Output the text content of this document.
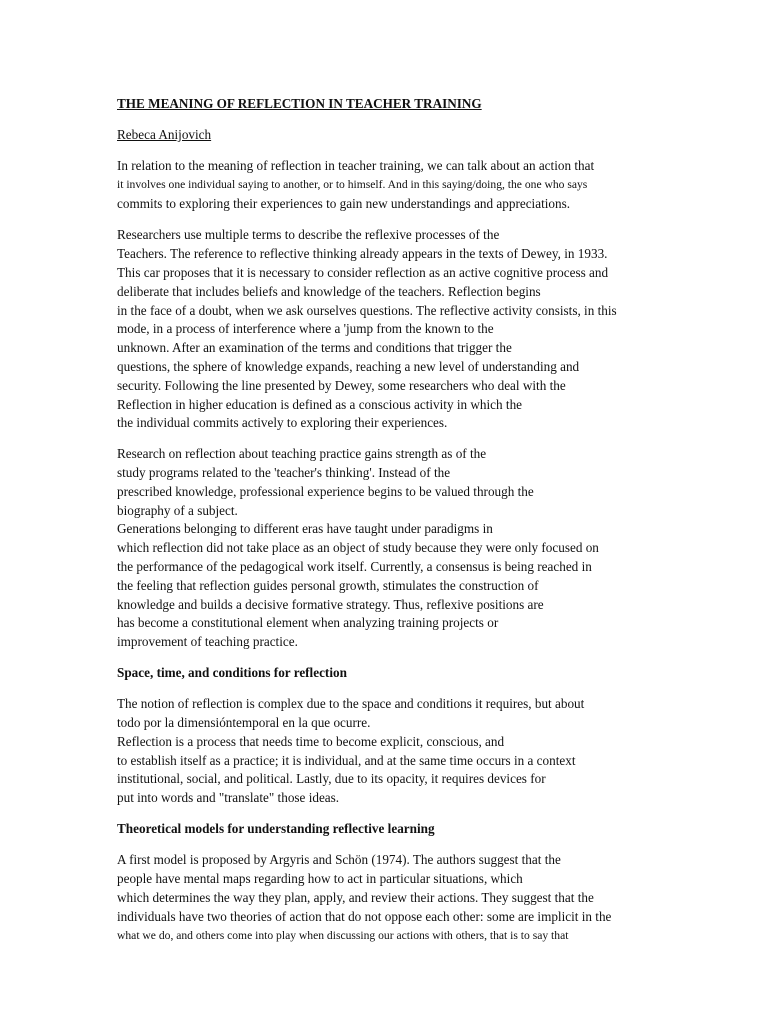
THE MEANING OF REFLECTION IN TEACHER TRAINING

Rebeca Anijovich

In relation to the meaning of reflection in teacher training, we can talk about an action that

it involves one individual saying to another, or to himself. And in this saying/doing, the one who says

commits to exploring their experiences to gain new understandings and appreciations.

Researchers use multiple terms to describe the reflexive processes of the

Teachers. The reference to reflective thinking already appears in the texts of Dewey, in 1933.

This car proposes that it is necessary to consider reflection as an active cognitive process and

deliberate that includes beliefs and knowledge of the teachers. Reflection begins

in the face of a doubt, when we ask ourselves questions. The reflective activity consists, in this

mode, in a process of interference where a 'jump from the known to the

unknown. After an examination of the terms and conditions that trigger the

questions, the sphere of knowledge expands, reaching a new level of understanding and

security. Following the line presented by Dewey, some researchers who deal with the

Reflection in higher education is defined as a conscious activity in which the

the individual commits actively to exploring their experiences.

Research on reflection about teaching practice gains strength as of the

study programs related to the 'teacher's thinking'. Instead of the

prescribed knowledge, professional experience begins to be valued through the

biography of a subject.

Generations belonging to different eras have taught under paradigms in

which reflection did not take place as an object of study because they were only focused on

the performance of the pedagogical work itself. Currently, a consensus is being reached in

the feeling that reflection guides personal growth, stimulates the construction of

knowledge and builds a decisive formative strategy. Thus, reflexive positions are

has become a constitutional element when analyzing training projects or

improvement of teaching practice.

Space, time, and conditions for reflection

The notion of reflection is complex due to the space and conditions it requires, but about

todo por la dimensióntemporal en la que ocurre.

Reflection is a process that needs time to become explicit, conscious, and

to establish itself as a practice; it is individual, and at the same time occurs in a context

institutional, social, and political. Lastly, due to its opacity, it requires devices for

put into words and "translate" those ideas.

Theoretical models for understanding reflective learning

A first model is proposed by Argyris and Schön (1974). The authors suggest that the

people have mental maps regarding how to act in particular situations, which

which determines the way they plan, apply, and review their actions. They suggest that the

individuals have two theories of action that do not oppose each other: some are implicit in the

what we do, and others come into play when discussing our actions with others, that is to say that
